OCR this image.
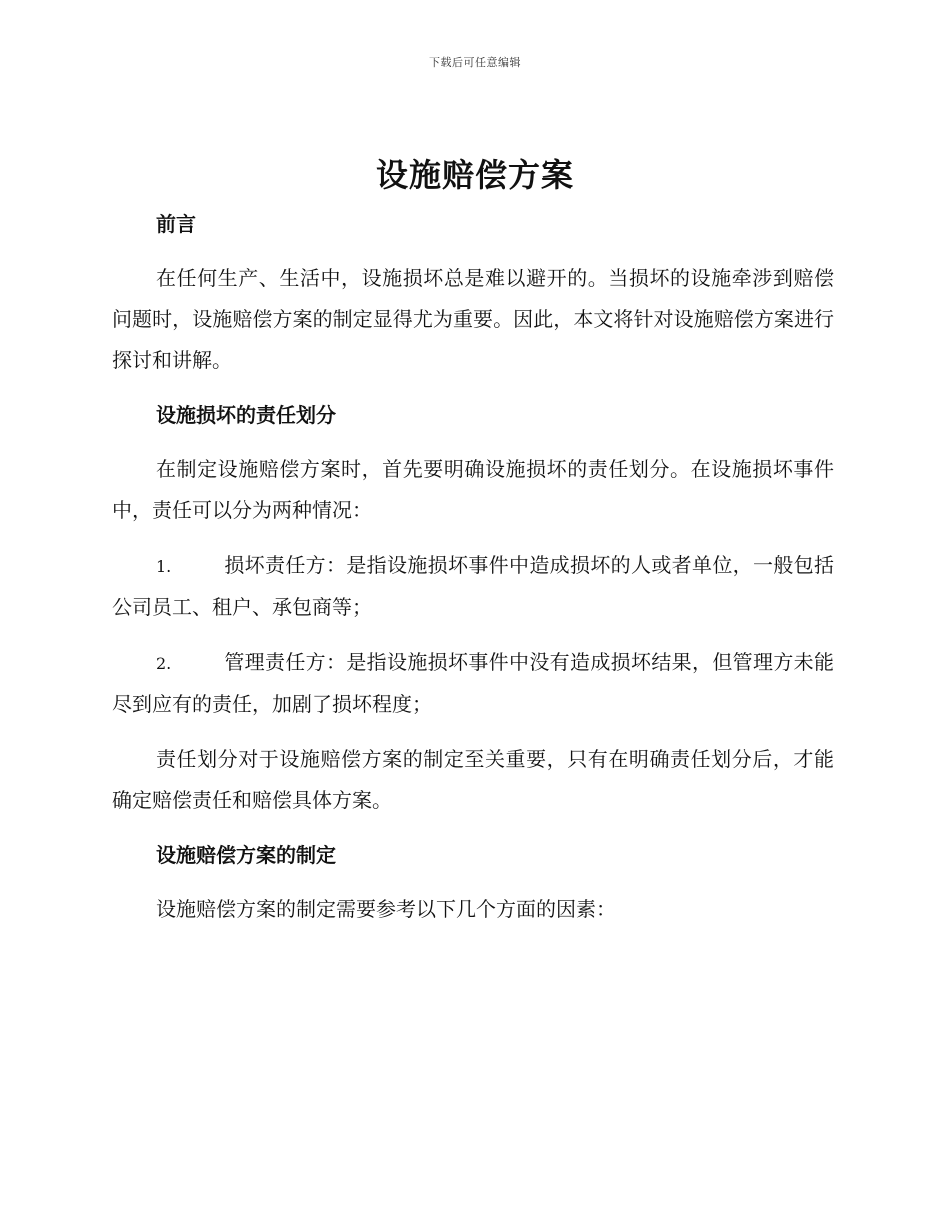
下载后可任意编辑
设施赔偿方案
前言

在任何生产、生活中，设施损坏总是难以避开的。当损坏的设施牵涉到赔偿问题时，设施赔偿方案的制定显得尤为重要。因此，本文将针对设施赔偿方案进行探讨和讲解。

设施损坏的责任划分

在制定设施赔偿方案时，首先要明确设施损坏的责任划分。在设施损坏事件中，责任可以分为两种情况：

1.	损坏责任方：是指设施损坏事件中造成损坏的人或者单位，一般包括公司员工、租户、承包商等；

2.	管理责任方：是指设施损坏事件中没有造成损坏结果，但管理方未能尽到应有的责任，加剧了损坏程度；

责任划分对于设施赔偿方案的制定至关重要，只有在明确责任划分后，才能确定赔偿责任和赔偿具体方案。

设施赔偿方案的制定

设施赔偿方案的制定需要参考以下几个方面的因素：
